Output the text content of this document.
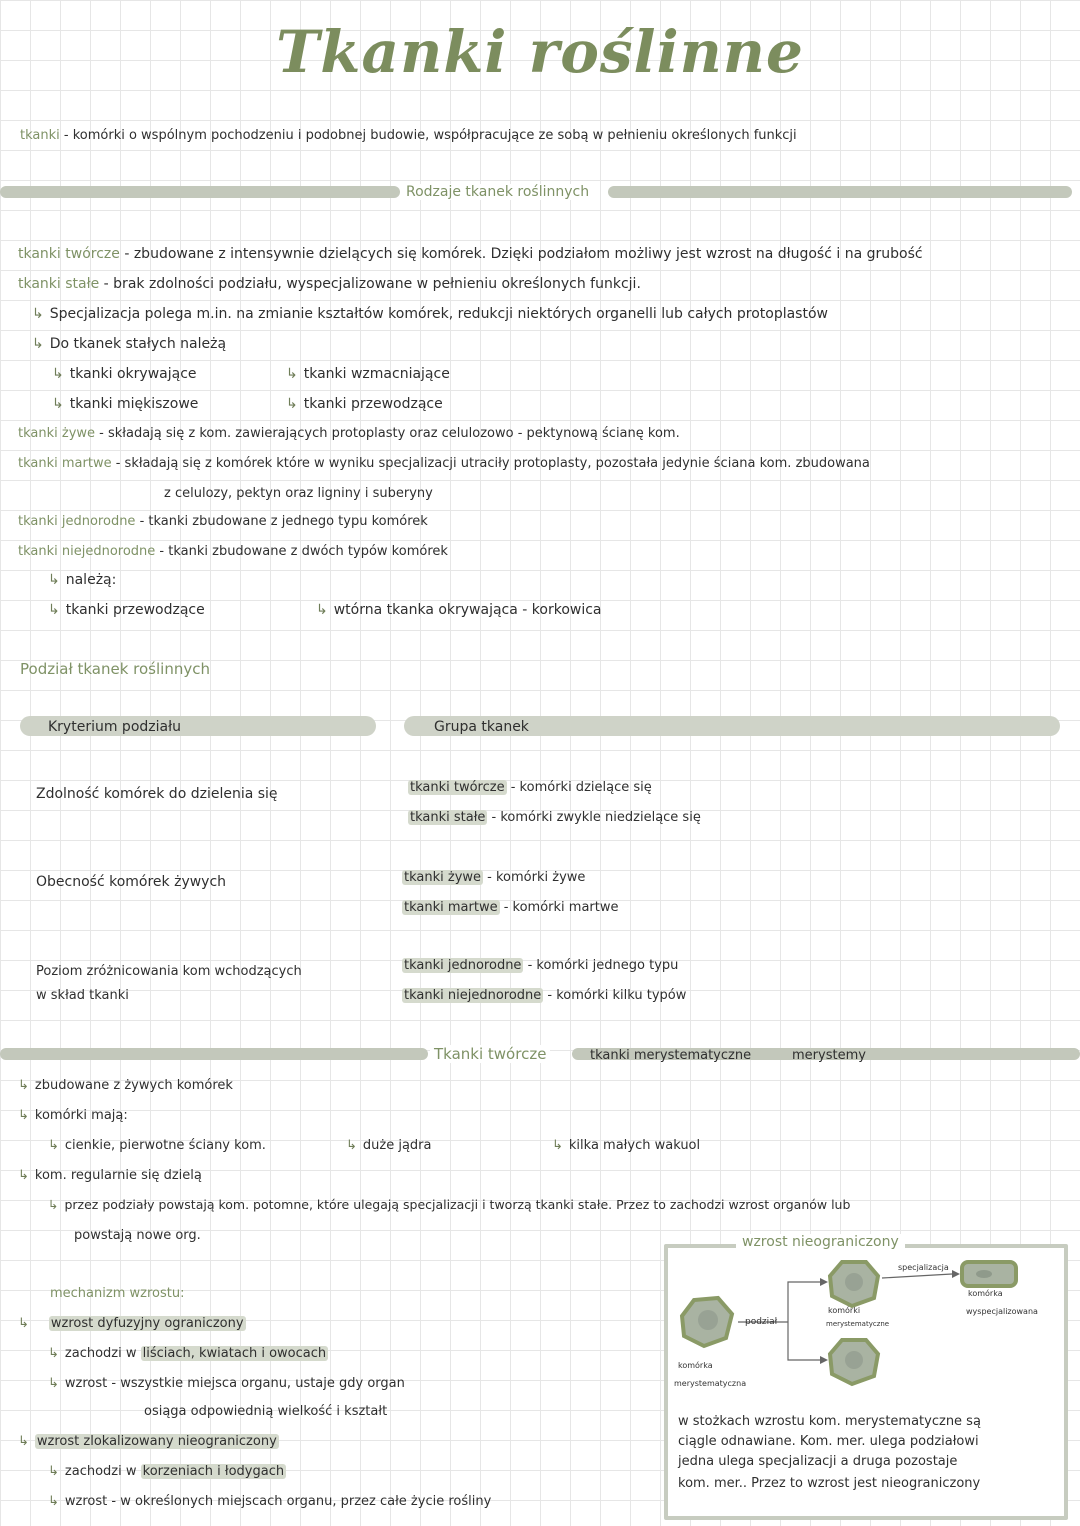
Tkanki roślinne
tkanki - komórki o wspólnym pochodzeniu i podobnej budowie, współpracujące ze sobą w pełnieniu określonych funkcji
Rodzaje tkanek roślinnych
tkanki twórcze - zbudowane z intensywnie dzielących się komórek. Dzięki podziałom możliwy jest wzrost na długość i na grubość
tkanki stałe - brak zdolności podziału, wyspecjalizowane w pełnieniu określonych funkcji.
↳ Specjalizacja polega m.in. na zmianie kształtów komórek, redukcji niektórych organelli lub całych protoplastów
↳ Do tkanek stałych należą
↳ tkanki okrywające	↳ tkanki wzmacniające
↳ tkanki miękiszowe	↳ tkanki przewodzące
tkanki żywe - składają się z kom. zawierających protoplasty oraz celulozowo - pektynową ścianę kom.
tkanki martwe - składają się z komórek które w wyniku specjalizacji utraciły protoplasty, pozostała jedynie ściana kom. zbudowana
z celulozy, pektyn oraz ligniny i suberyny
tkanki jednorodne - tkanki zbudowane z jednego typu komórek
tkanki niejednorodne - tkanki zbudowane z dwóch typów komórek
↳ należą:
↳ tkanki przewodzące	↳ wtórna tkanka okrywająca - korkowica
Podział tkanek roślinnych
Kryterium podziału	Grupa tkanek
Zdolność komórek do dzielenia się	tkanki twórcze - komórki dzielące się
tkanki stałe - komórki zwykle niedzielące się
Obecność komórek żywych	tkanki żywe - komórki żywe
tkanki martwe - komórki martwe
Poziom zróżnicowania kom wchodzących
w skład tkanki
tkanki jednorodne - komórki jednego typu
tkanki niejednorodne - komórki kilku typów
Tkanki twórcze	tkanki merystematyczne	merystemy
↳ zbudowane z żywych komórek
↳ komórki mają:
↳ cienkie, pierwotne ściany kom.	↳ duże jądra	↳ kilka małych wakuol
↳ kom. regularnie się dzielą
↳ przez podziały powstają kom. potomne, które ulegają specjalizacji i tworzą tkanki stałe. Przez to zachodzi wzrost organów lub
powstają nowe org.
mechanizm wzrostu:
↳ wzrost dyfuzyjny ograniczony
↳ zachodzi w liściach, kwiatach i owocach
↳ wzrost - wszystkie miejsca organu, ustaje gdy organ
osiąga odpowiednią wielkość i kształt
↳ wzrost zlokalizowany nieograniczony
↳ zachodzi w korzeniach i łodygach
↳ wzrost - w określonych miejscach organu, przez całe życie rośliny
wzrost nieograniczony
podział
specjalizacja
komórka
merystematyczna
komórki
merystematyczne
komórka
wyspecjalizowana
w stożkach wzrostu kom. merystematyczne są
ciągle odnawiane. Kom. mer. ulega podziałowi
jedna ulega specjalizacji a druga pozostaje
kom. mer.. Przez to wzrost jest nieograniczony
